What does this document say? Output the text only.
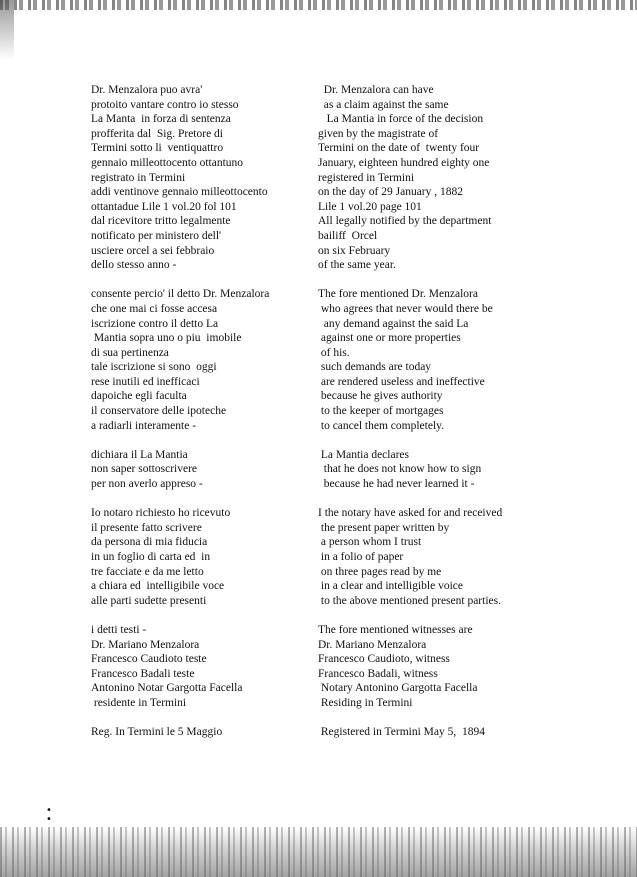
Dr. Menzalora puo avra'
protoito vantare contro io stesso
La Manta  in forza di sentenza
profferita dal  Sig. Pretore di
Termini sotto li  ventiquattro
gennaio milleottocento ottantuno
registrato in Termini
addi ventinove gennaio milleottocento
ottantadue Lile 1 vol.20 fol 101
dal ricevitore tritto legalmente
notificato per ministero dell'
usciere orcel a sei febbraio
dello stesso anno -
consente percio' il detto Dr. Menzalora
che one mai ci fosse accesa
iscrizione contro il detto La
Mantia sopra uno o piu  imobile
di sua pertinenza
tale iscrizione si sono  oggi
rese inutili ed inefficaci
dapoiche egli faculta
il conservatore delle ipoteche
a radiarli interamente -
dichiara il La Mantia
non saper sottoscrivere
per non averlo appreso -
Io notaro richiesto ho ricevuto
il presente fatto scrivere
da persona di mia fiducia
in un foglio di carta ed  in
tre facciate e da me letto
a chiara ed  intelligibile voce
alle parti sudette presenti
i detti testi -
Dr. Mariano Menzalora
Francesco Caudioto teste
Francesco Badali teste
Antonino Notar Gargotta Facella
residente in Termini
Reg. In Termini le 5 Maggio
Dr. Menzalora can have
as a claim against the same
La Mantia in force of the decision
given by the magistrate of
Termini on the date of  twenty four
January, eighteen hundred eighty one
registered in Termini
on the day of 29 January , 1882
Lile 1 vol.20 page 101
All legally notified by the department
bailiff  Orcel
on six February
of the same year.
The fore mentioned Dr. Menzalora
who agrees that never would there be
any demand against the said La
against one or more properties
of his.
such demands are today
are rendered useless and ineffective
because he gives authority
to the keeper of mortgages
to cancel them completely.
La Mantia declares
that he does not know how to sign
because he had never learned it -
I the notary have asked for and received
the present paper written by
a person whom I trust
in a folio of paper
on three pages read by me
in a clear and intelligible voice
to the above mentioned present parties.
The fore mentioned witnesses are
Dr. Mariano Menzalora
Francesco Caudioto, witness
Francesco Badali, witness
Notary Antonino Gargotta Facella
Residing in Termini
Registered in Termini May 5,  1894
•
•
